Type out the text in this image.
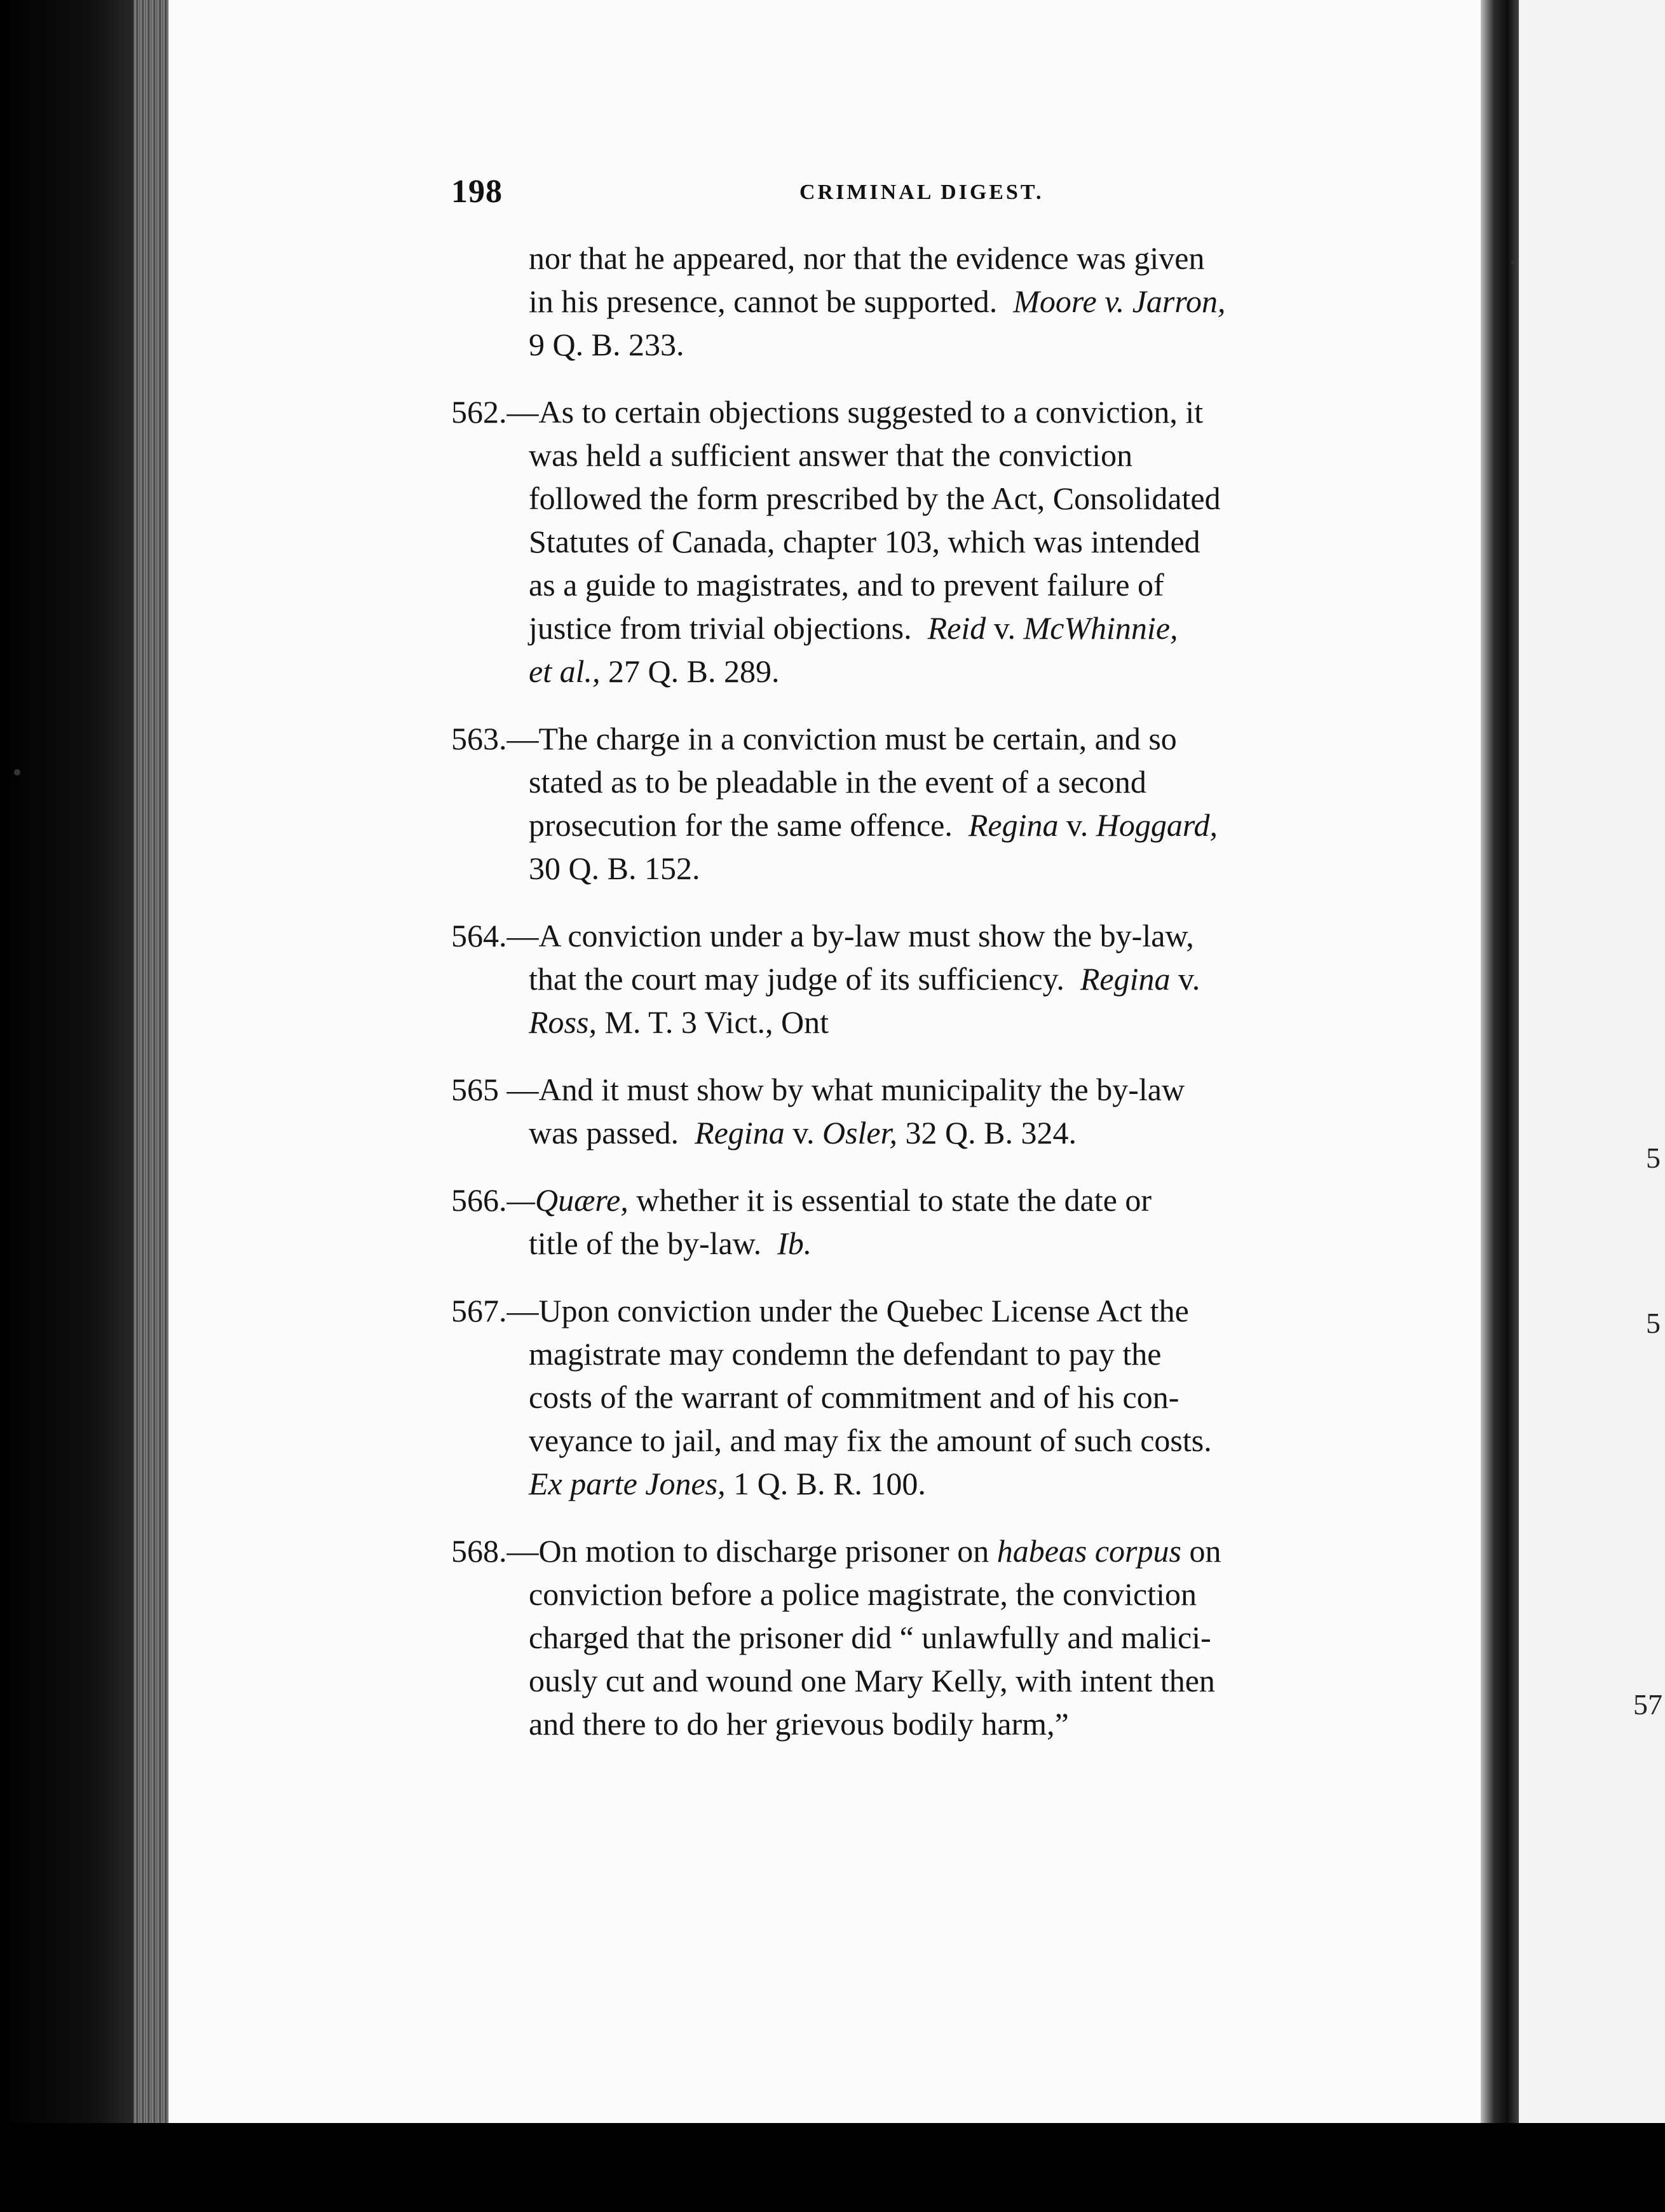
198	CRIMINAL DIGEST.
nor that he appeared, nor that the evidence was given
in his presence, cannot be supported. Moore v. Jarron,
9 Q. B. 233.
562.—As to certain objections suggested to a conviction, it
was held a sufficient answer that the conviction
followed the form prescribed by the Act, Consolidated
Statutes of Canada, chapter 103, which was intended
as a guide to magistrates, and to prevent failure of
justice from trivial objections. Reid v. McWhinnie,
et al., 27 Q. B. 289.
563.—The charge in a conviction must be certain, and so
stated as to be pleadable in the event of a second
prosecution for the same offence. Regina v. Hoggard,
30 Q. B. 152.
564.—A conviction under a by-law must show the by-law,
that the court may judge of its sufficiency. Regina v.
Ross, M. T. 3 Vict., Ont
565 —And it must show by what municipality the by-law
was passed. Regina v. Osler, 32 Q. B. 324.
566.—Quære, whether it is essential to state the date or
title of the by-law. Ib.
567.—Upon conviction under the Quebec License Act the
magistrate may condemn the defendant to pay the
costs of the warrant of commitment and of his con-
veyance to jail, and may fix the amount of such costs.
Ex parte Jones, 1 Q. B. R. 100.
568.—On motion to discharge prisoner on habeas corpus on
conviction before a police magistrate, the conviction
charged that the prisoner did “ unlawfully and malici-
ously cut and wound one Mary Kelly, with intent then
and there to do her grievous bodily harm,”
5
5
57
